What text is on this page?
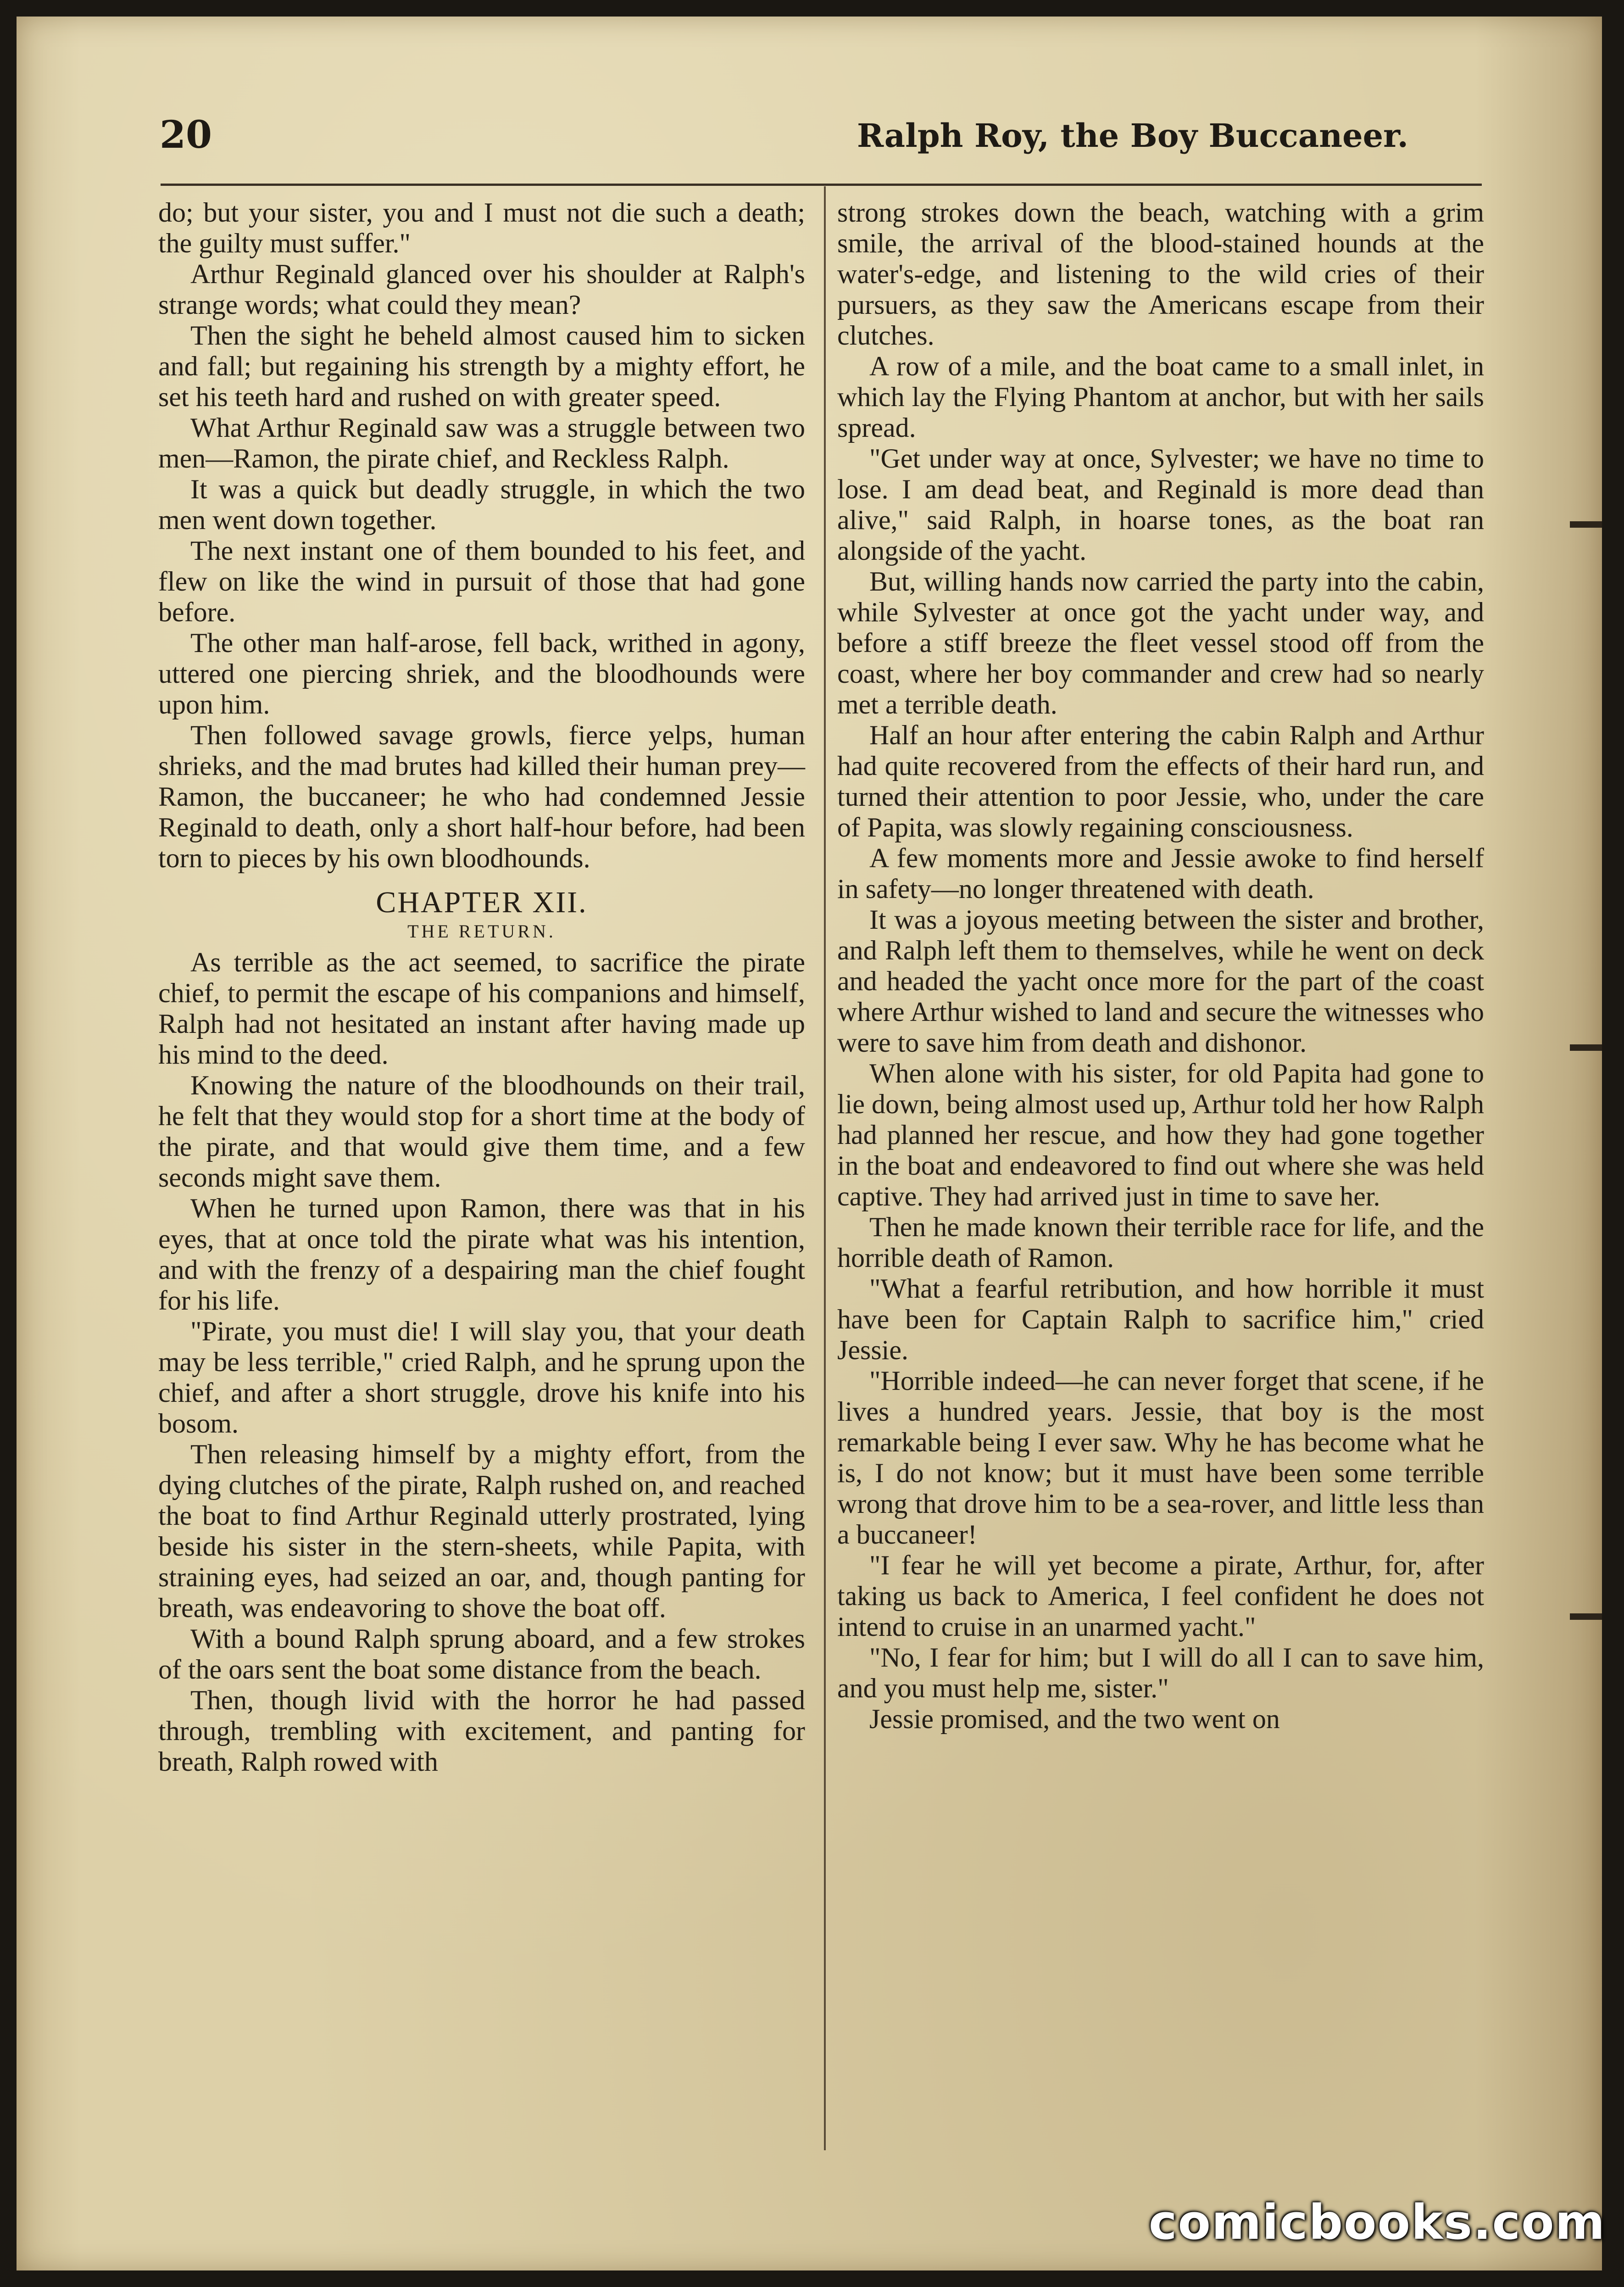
20	Ralph Roy, the Boy Buccaneer.

do; but your sister, you and I must not die such a death; the guilty must suffer."

Arthur Reginald glanced over his shoulder at Ralph's strange words; what could they mean?

Then the sight he beheld almost caused him to sicken and fall; but regaining his strength by a mighty effort, he set his teeth hard and rushed on with greater speed.

What Arthur Reginald saw was a struggle between two men—Ramon, the pirate chief, and Reckless Ralph.

It was a quick but deadly struggle, in which the two men went down together.

The next instant one of them bounded to his feet, and flew on like the wind in pursuit of those that had gone before.

The other man half-arose, fell back, writhed in agony, uttered one piercing shriek, and the bloodhounds were upon him.

Then followed savage growls, fierce yelps, human shrieks, and the mad brutes had killed their human prey—Ramon, the buccaneer; he who had condemned Jessie Reginald to death, only a short half-hour before, had been torn to pieces by his own bloodhounds.

CHAPTER XII.
THE RETURN.

As terrible as the act seemed, to sacrifice the pirate chief, to permit the escape of his companions and himself, Ralph had not hesitated an instant after having made up his mind to the deed.

Knowing the nature of the bloodhounds on their trail, he felt that they would stop for a short time at the body of the pirate, and that would give them time, and a few seconds might save them.

When he turned upon Ramon, there was that in his eyes, that at once told the pirate what was his intention, and with the frenzy of a despairing man the chief fought for his life.

"Pirate, you must die! I will slay you, that your death may be less terrible," cried Ralph, and he sprung upon the chief, and after a short struggle, drove his knife into his bosom.

Then releasing himself by a mighty effort, from the dying clutches of the pirate, Ralph rushed on, and reached the boat to find Arthur Reginald utterly prostrated, lying beside his sister in the stern-sheets, while Papita, with straining eyes, had seized an oar, and, though panting for breath, was endeavoring to shove the boat off.

With a bound Ralph sprung aboard, and a few strokes of the oars sent the boat some distance from the beach.

Then, though livid with the horror he had passed through, trembling with excitement, and panting for breath, Ralph rowed with

strong strokes down the beach, watching with a grim smile, the arrival of the blood-stained hounds at the water's-edge, and listening to the wild cries of their pursuers, as they saw the Americans escape from their clutches.

A row of a mile, and the boat came to a small inlet, in which lay the Flying Phantom at anchor, but with her sails spread.

"Get under way at once, Sylvester; we have no time to lose. I am dead beat, and Reginald is more dead than alive," said Ralph, in hoarse tones, as the boat ran alongside of the yacht.

But, willing hands now carried the party into the cabin, while Sylvester at once got the yacht under way, and before a stiff breeze the fleet vessel stood off from the coast, where her boy commander and crew had so nearly met a terrible death.

Half an hour after entering the cabin Ralph and Arthur had quite recovered from the effects of their hard run, and turned their attention to poor Jessie, who, under the care of Papita, was slowly regaining consciousness.

A few moments more and Jessie awoke to find herself in safety—no longer threatened with death.

It was a joyous meeting between the sister and brother, and Ralph left them to themselves, while he went on deck and headed the yacht once more for the part of the coast where Arthur wished to land and secure the witnesses who were to save him from death and dishonor.

When alone with his sister, for old Papita had gone to lie down, being almost used up, Arthur told her how Ralph had planned her rescue, and how they had gone together in the boat and endeavored to find out where she was held captive. They had arrived just in time to save her.

Then he made known their terrible race for life, and the horrible death of Ramon.

"What a fearful retribution, and how horrible it must have been for Captain Ralph to sacrifice him," cried Jessie.

"Horrible indeed—he can never forget that scene, if he lives a hundred years. Jessie, that boy is the most remarkable being I ever saw. Why he has become what he is, I do not know; but it must have been some terrible wrong that drove him to be a sea-rover, and little less than a buccaneer!

"I fear he will yet become a pirate, Arthur, for, after taking us back to America, I feel confident he does not intend to cruise in an unarmed yacht."

"No, I fear for him; but I will do all I can to save him, and you must help me, sister."

Jessie promised, and the two went on

comicbooks.com
